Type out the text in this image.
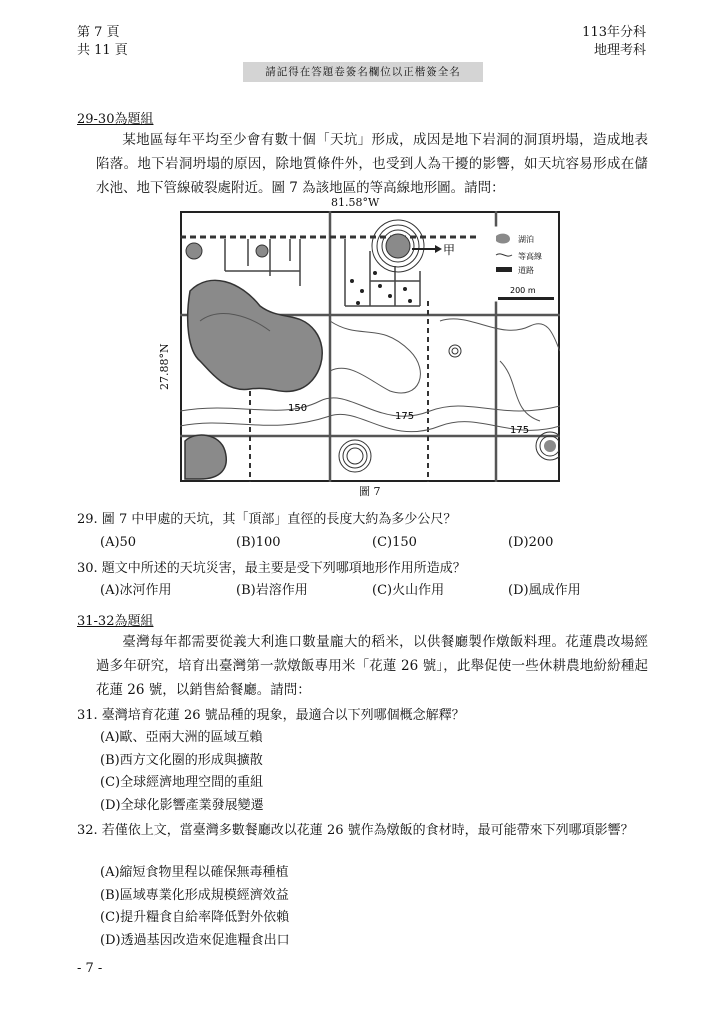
第 7 頁
共 11 頁
請記得在答題卷簽名欄位以正楷簽全名
113年分科
地理考科
29-30為題組
某地區每年平均至少會有數十個「天坑」形成，成因是地下岩洞的洞頂坍塌，造成地表陷落。地下岩洞坍塌的原因，除地質條件外，也受到人為干擾的影響，如天坑容易形成在儲水池、地下管線破裂處附近。圖 7 為該地區的等高線地形圖。請問：
81.58°W
27.88°N
甲
150
175
175
湖泊
等高線
道路
200 m
圖 7
29. 圖 7 中甲處的天坑，其「頂部」直徑的長度大約為多少公尺？
(A)50	(B)100	(C)150	(D)200
30. 題文中所述的天坑災害，最主要是受下列哪項地形作用所造成？
(A)冰河作用	(B)岩溶作用	(C)火山作用	(D)風成作用
31-32為題組
臺灣每年都需要從義大利進口數量龐大的稻米，以供餐廳製作燉飯料理。花蓮農改場經過多年研究，培育出臺灣第一款燉飯專用米「花蓮 26 號」，此舉促使一些休耕農地紛紛種起花蓮 26 號，以銷售給餐廳。請問：
31. 臺灣培育花蓮 26 號品種的現象，最適合以下列哪個概念解釋？
(A)歐、亞兩大洲的區域互賴
(B)西方文化圈的形成與擴散
(C)全球經濟地理空間的重組
(D)全球化影響產業發展變遷
32. 若僅依上文，當臺灣多數餐廳改以花蓮 26 號作為燉飯的食材時，最可能帶來下列哪項影響？
(A)縮短食物里程以確保無毒種植
(B)區域專業化形成規模經濟效益
(C)提升糧食自給率降低對外依賴
(D)透過基因改造來促進糧食出口
- 7 -
